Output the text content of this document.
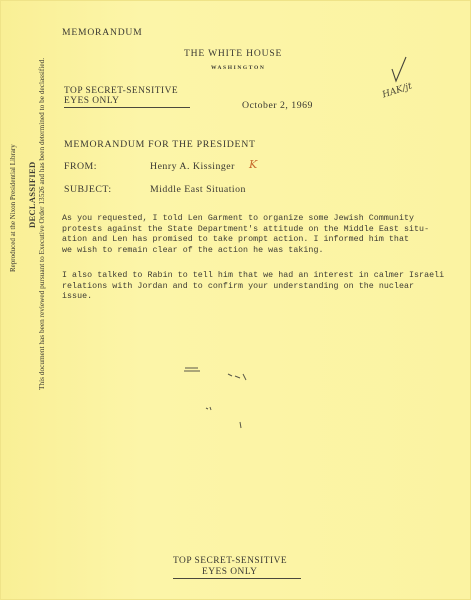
Reproduced at the Nixon Presidential Library DECLASSIFIED This document has been reviewed pursuant to Executive Order 13526 and has been determined to be declassified.
MEMORANDUM
THE WHITE HOUSE
WASHINGTON
HAK/jt
TOP SECRET-SENSITIVE
EYES ONLY	October 2, 1969
MEMORANDUM FOR THE PRESIDENT
FROM:	Henry A. Kissinger K
SUBJECT:	Middle East Situation
As you requested, I told Len Garment to organize some Jewish Community
protests against the State Department's attitude on the Middle East situ-
ation and Len has promised to take prompt action. I informed him that
we wish to remain clear of the action he was taking.
I also talked to Rabin to tell him that we had an interest in calmer Israeli
relations with Jordan and to confirm your understanding on the nuclear
issue.
TOP SECRET-SENSITIVE
EYES ONLY
